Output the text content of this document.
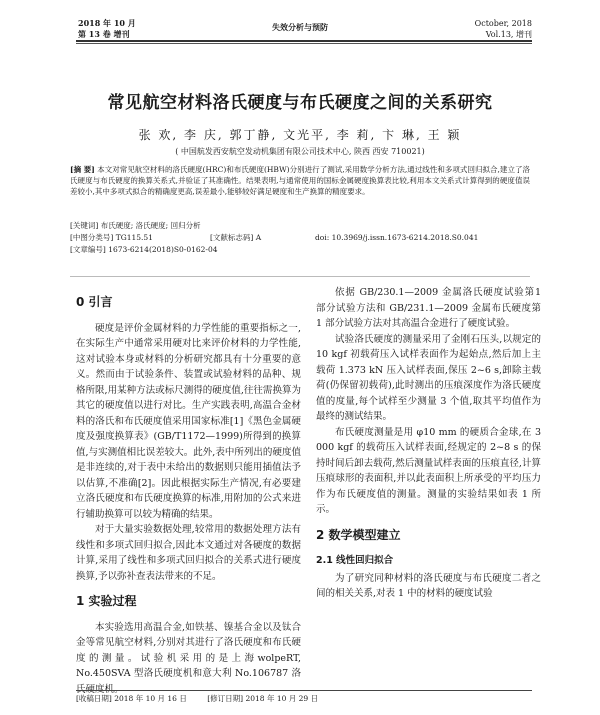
2018 年 10 月
第 13 卷 增刊
失效分析与预防	October, 2018
Vol.13, 增刊
常见航空材料洛氏硬度与布氏硬度之间的关系研究
张 欢, 李 庆, 郭丁静, 文光平, 李 莉, 卞 琳, 王 颖
( 中国航发西安航空发动机集团有限公司技术中心, 陕西 西安 710021)
[摘 要] 本文对常见航空材料的洛氏硬度(HRC)和布氏硬度(HBW)分别进行了测试,采用数学分析方法,通过线性和多项式回归拟合,建立了洛氏硬度与布氏硬度的换算关系式,并验证了其准确性。结果表明,与通常使用的国标金属硬度换算表比较,利用本文关系式计算得到的硬度值误差较小,其中多项式拟合的精确度更高,误差最小,能够较好满足硬度和生产换算的精度要求。
[关键词] 布氏硬度; 洛氏硬度; 回归分析
[中图分类号] TG115.51	[文献标志码] A	doi: 10.3969/j.issn.1673-6214.2018.S0.041
[文章编号] 1673-6214(2018)S0-0162-04
0 引言

硬度是评价金属材料的力学性能的重要指标之一,在实际生产中通常采用硬对比来评价材料的力学性能,这对试验本身或材料的分析研究都具有十分重要的意义。然而由于试验条件、装置或试验材料的品种、规格所限,用某种方法或标尺测得的硬度值,往往需换算为其它的硬度值以进行对比。生产实践表明,高温合金材料的洛氏和布氏硬度值采用国家标准[1]《黑色金属硬度及强度换算表》(GB/T1172—1999)所得到的换算值,与实测值相比误差较大。此外,表中所列出的硬度值是非连续的,对于表中未给出的数据则只能用插值法予以估算,不准确[2]。因此根据实际生产情况,有必要建立洛氏硬度和布氏硬度换算的标准,用附加的公式来进行辅助换算可以较为精确的结果。

对于大量实验数据处理,较常用的数据处理方法有线性和多项式回归拟合,因此本文通过对各硬度的数据计算,采用了线性和多项式回归拟合的关系式进行硬度换算,予以弥补查表法带来的不足。

1 实验过程

本实验选用高温合金,如铁基、镍基合金以及钛合金等常见航空材料,分别对其进行了洛氏硬度和布氏硬度的测量。试验机采用的是上海wolpeRT, No.450SVA 型洛氏硬度机和意大利 No.106787 洛氏硬度机。

依据 GB/230.1—2009 金属洛氏硬度试验第1 部分试验方法和 GB/231.1—2009 金属布氏硬度第 1 部分试验方法对其高温合金进行了硬度试验。

试验洛氏硬度的测量采用了金刚石压头,以规定的 10 kgf 初载荷压入试样表面作为起始点,然后加上主载荷 1.373 kN 压入试样表面,保压 2~6 s,卸除主载荷(仍保留初载荷),此时测出的压痕深度作为洛氏硬度值的度量,每个试样至少测量 3 个值,取其平均值作为最终的测试结果。

布氏硬度测量是用 φ10 mm 的硬质合金球,在 3 000 kgf 的载荷压入试样表面,经规定的 2~8 s 的保持时间后卸去载荷,然后测量试样表面的压痕直径,计算压痕球形的表面积,并以此表面积上所承受的平均压力作为布氏硬度值的测量。测量的实验结果如表 1 所示。

2 数学模型建立
2.1 线性回归拟合

为了研究同种材料的洛氏硬度与布氏硬度二者之间的相关关系,对表 1 中的材料的硬度试验

[收稿日期] 2018 年 10 月 16 日	[修订日期] 2018 年 10 月 29 日
